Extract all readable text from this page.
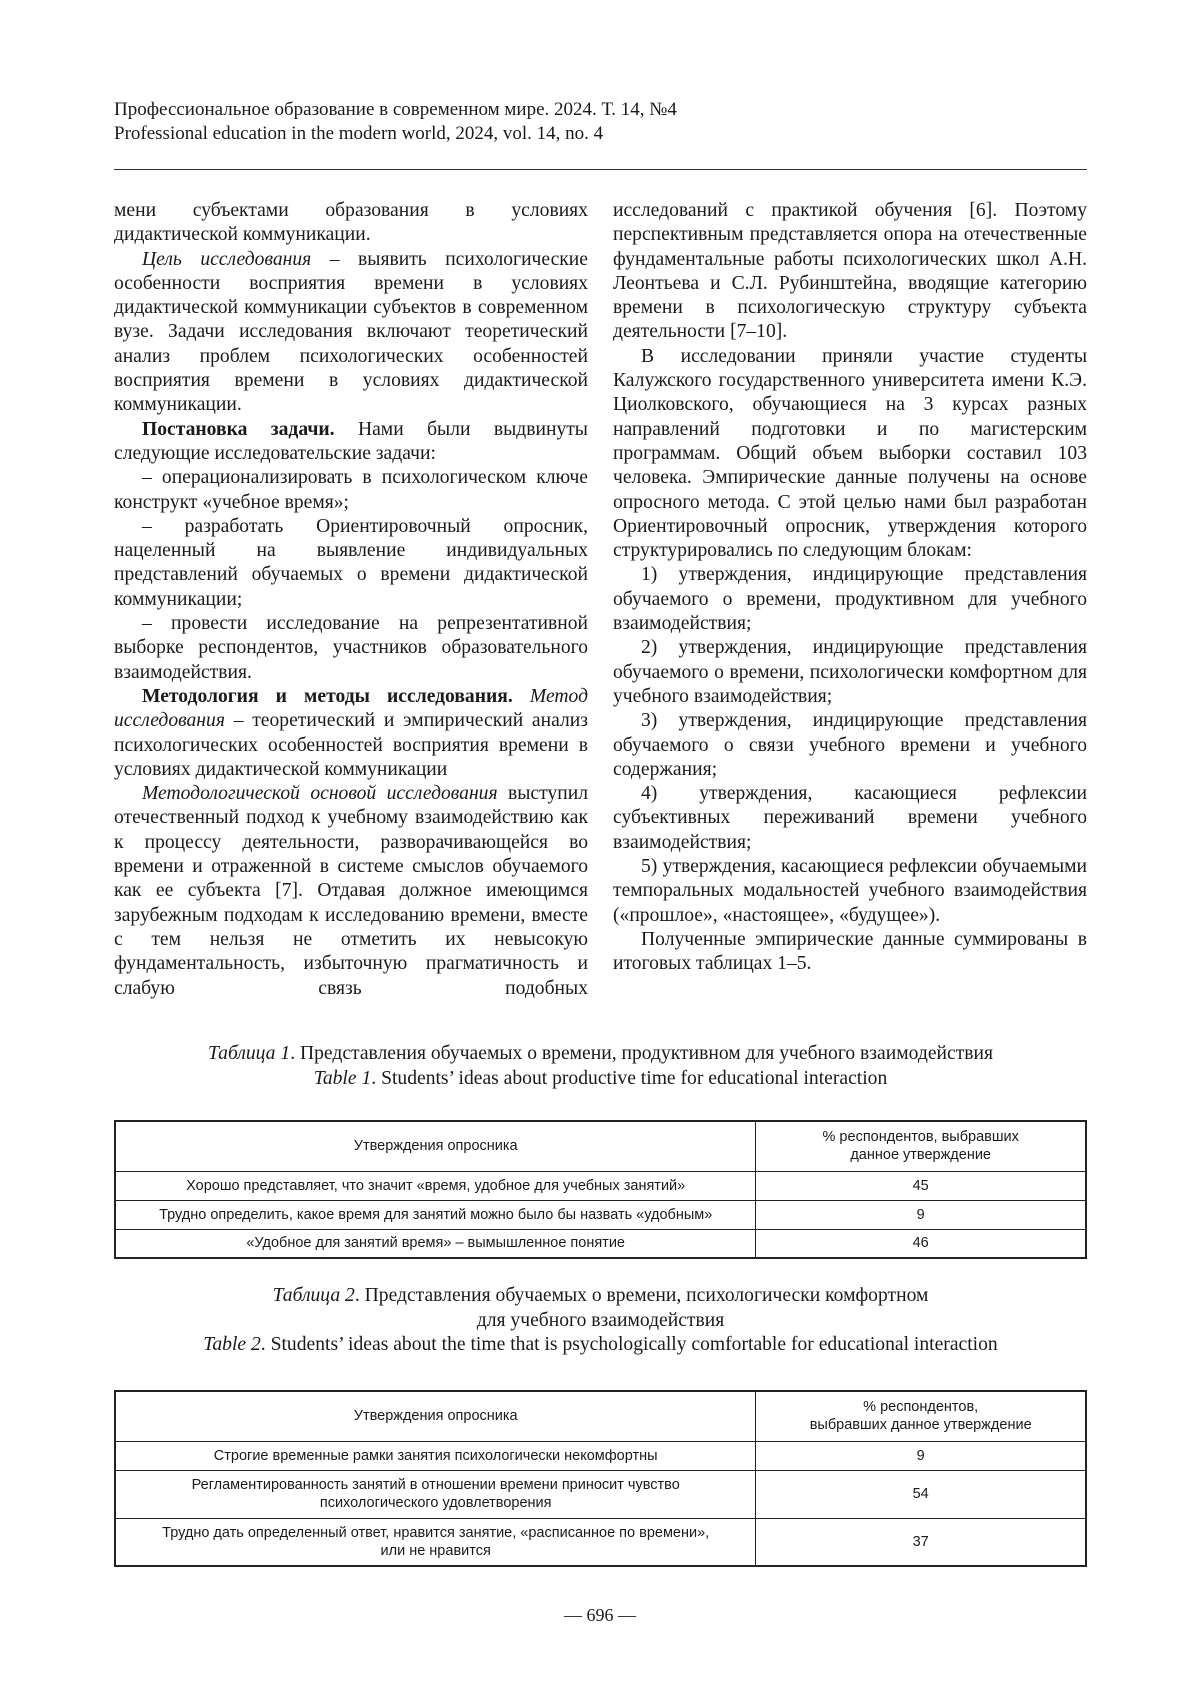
Профессиональное образование в современном мире. 2024. Т. 14, №4
Professional education in the modern world, 2024, vol. 14, no. 4

мени субъектами образования в условиях дидактической коммуникации.

Цель исследования – выявить психологические особенности восприятия времени в условиях дидактической коммуникации субъектов в современном вузе. Задачи исследования включают теоретический анализ проблем психологических особенностей восприятия времени в условиях дидактической коммуникации.

Постановка задачи. Нами были выдвинуты следующие исследовательские задачи:

– операционализировать в психологическом ключе конструкт «учебное время»;

– разработать Ориентировочный опросник, нацеленный на выявление индивидуальных представлений обучаемых о времени дидактической коммуникации;

– провести исследование на репрезентативной выборке респондентов, участников образовательного взаимодействия.

Методология и методы исследования. Метод исследования – теоретический и эмпирический анализ психологических особенностей восприятия времени в условиях дидактической коммуникации

Методологической основой исследования выступил отечественный подход к учебному взаимодействию как к процессу деятельности, разворачивающейся во времени и отраженной в системе смыслов обучаемого как ее субъекта [7]. Отдавая должное имеющимся зарубежным подходам к исследованию времени, вместе с тем нельзя не отметить их невысокую фундаментальность, избыточную прагматичность и слабую связь подобных

исследований с практикой обучения [6]. Поэтому перспективным представляется опора на отечественные фундаментальные работы психологических школ А.Н. Леонтьева и С.Л. Рубинштейна, вводящие категорию времени в психологическую структуру субъекта деятельности [7–10].

В исследовании приняли участие студенты Калужского государственного университета имени К.Э. Циолковского, обучающиеся на 3 курсах разных направлений подготовки и по магистерским программам. Общий объем выборки составил 103 человека. Эмпирические данные получены на основе опросного метода. С этой целью нами был разработан Ориентировочный опросник, утверждения которого структурировались по следующим блокам:

1) утверждения, индицирующие представления обучаемого о времени, продуктивном для учебного взаимодействия;

2) утверждения, индицирующие представления обучаемого о времени, психологически комфортном для учебного взаимодействия;

3) утверждения, индицирующие представления обучаемого о связи учебного времени и учебного содержания;

4) утверждения, касающиеся рефлексии субъективных переживаний времени учебного взаимодействия;

5) утверждения, касающиеся рефлексии обучаемыми темпоральных модальностей учебного взаимодействия («прошлое», «настоящее», «будущее»).

Полученные эмпирические данные суммированы в итоговых таблицах 1–5.

Таблица 1. Представления обучаемых о времени, продуктивном для учебного взаимодействия
Table 1. Students’ ideas about productive time for educational interaction
Утверждения опросника	% респондентов, выбравших данное утверждение
Хорошо представляет, что значит «время, удобное для учебных занятий»	45
Трудно определить, какое время для занятий можно было бы назвать «удобным»	9
«Удобное для занятий время» – вымышленное понятие	46
Таблица 2. Представления обучаемых о времени, психологически комфортном
для учебного взаимодействия
Table 2. Students’ ideas about the time that is psychologically comfortable for educational interaction
Утверждения опросника	
% респондентов,
выбравших данное утверждение

Строгие временные рамки занятия психологически некомфортны	9

Регламентированность занятий в отношении времени приносит чувство
психологического удовлетворения
	54

Трудно дать определенный ответ, нравится занятие, «расписанное по времени»,
или не нравится
	37
— 696 —
